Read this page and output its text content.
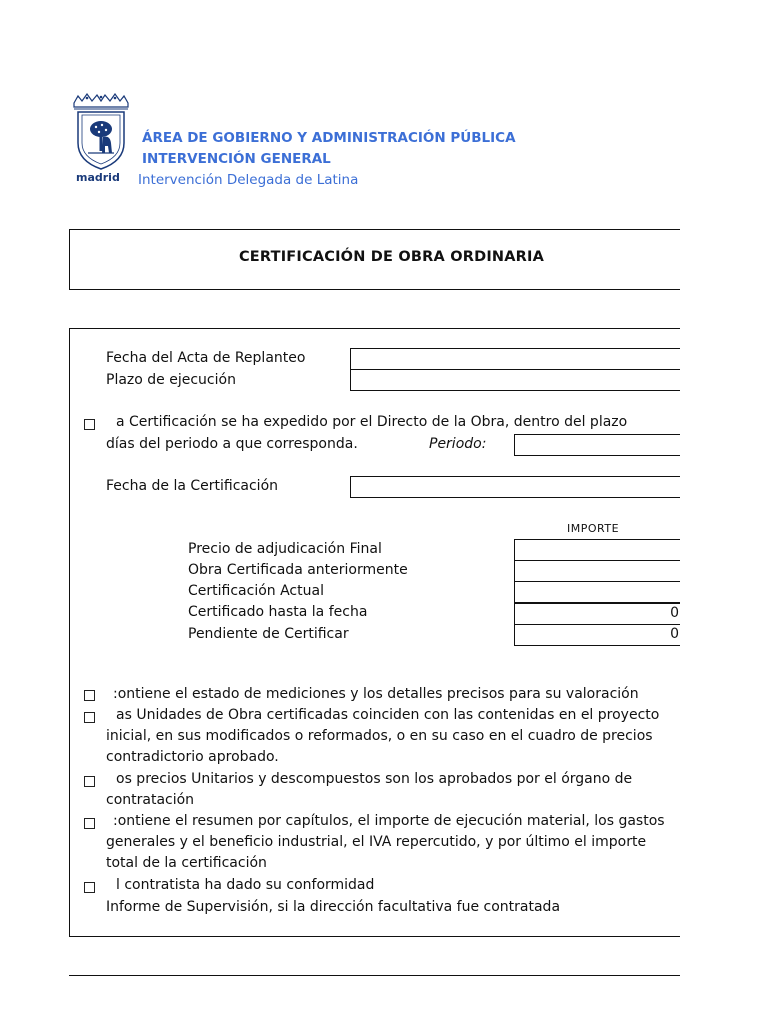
madrid
ÁREA DE GOBIERNO Y ADMINISTRACIÓN PÚBLICA
INTERVENCIÓN GENERAL
Intervención Delegada de Latina
CERTIFICACIÓN DE OBRA ORDINARIA
Fecha del Acta de Replanteo
Plazo de ejecución
a Certificación se ha expedido por el Directo de la Obra, dentro del plazo
días del periodo a que corresponda.	Periodo:
Fecha de la Certificación
IMPORTE
Precio de adjudicación Final
Obra Certificada anteriormente
Certificación Actual
Certificado hasta la fecha
Pendiente de Certificar
0
0
:ontiene el estado de mediciones y los detalles precisos para su valoración
as Unidades de Obra certificadas coinciden con las contenidas en el proyecto
inicial, en sus modificados o reformados, o en su caso en el cuadro de precios
contradictorio aprobado.
os precios Unitarios y descompuestos son los aprobados por el órgano de
contratación
:ontiene el resumen por capítulos, el importe de ejecución material, los gastos
generales y el beneficio industrial, el IVA repercutido, y por último el importe
total de la certificación
l contratista ha dado su conformidad
Informe de Supervisión, si la dirección facultativa fue contratada
